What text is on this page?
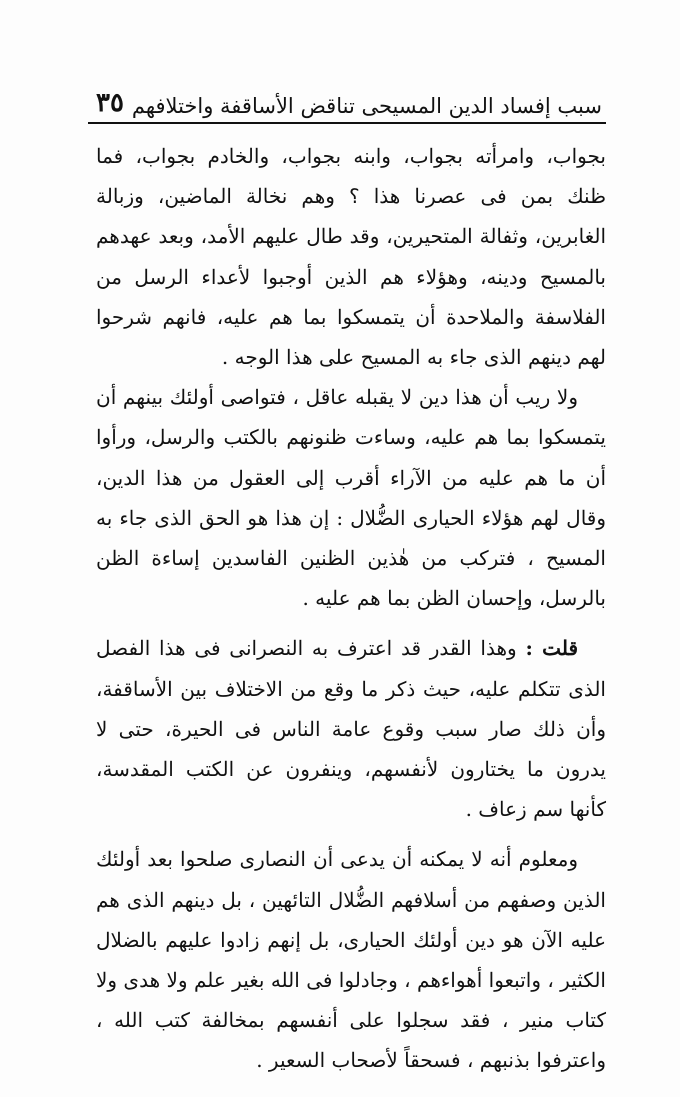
سبب إفساد الدين المسيحى تناقض الأساقفة واختلافهم
٣٥

بجواب، وامرأته بجواب، وابنه بجواب، والخادم بجواب، فما ظنك بمن فى عصرنا هذا ؟ وهم نخالة الماضين، وزبالة الغابرين، وثفالة المتحيرين، وقد طال عليهم الأمد، وبعد عهدهم بالمسيح ودينه، وهؤلاء هم الذين أوجبوا لأعداء الرسل من الفلاسفة والملاحدة أن يتمسكوا بما هم عليه، فانهم شرحوا لهم دينهم الذى جاء به المسيح على هذا الوجه .

ولا ريب أن هذا دين لا يقبله عاقل ، فتواصى أولئك بينهم أن يتمسكوا بما هم عليه، وساءت ظنونهم بالكتب والرسل، ورأوا أن ما هم عليه من الآراء أقرب إلى العقول من هذا الدين، وقال لهم هؤلاء الحيارى الضُّلال : إن هذا هو الحق الذى جاء به المسيح ، فتركب من هٰذين الظنين الفاسدين إساءة الظن بالرسل، وإحسان الظن بما هم عليه .

قلت : وهذا القدر قد اعترف به النصرانى فى هذا الفصل الذى تتكلم عليه، حيث ذكر ما وقع من الاختلاف بين الأساقفة، وأن ذلك صار سبب وقوع عامة الناس فى الحيرة، حتى لا يدرون ما يختارون لأنفسهم، وينفرون عن الكتب المقدسة، كأنها سم زعاف .

ومعلوم أنه لا يمكنه أن يدعى أن النصارى صلحوا بعد أولئك الذين وصفهم من أسلافهم الضُّلال التائهين ، بل دينهم الذى هم عليه الآن هو دين أولئك الحيارى، بل إنهم زادوا عليهم بالضلال الكثير ، واتبعوا أهواءهم ، وجادلوا فى الله بغير علم ولا هدى ولا كتاب منير ، فقد سجلوا على أنفسهم بمخالفة كتب الله ، واعترفوا بذنبهم ، فسحقاً لأصحاب السعير .
